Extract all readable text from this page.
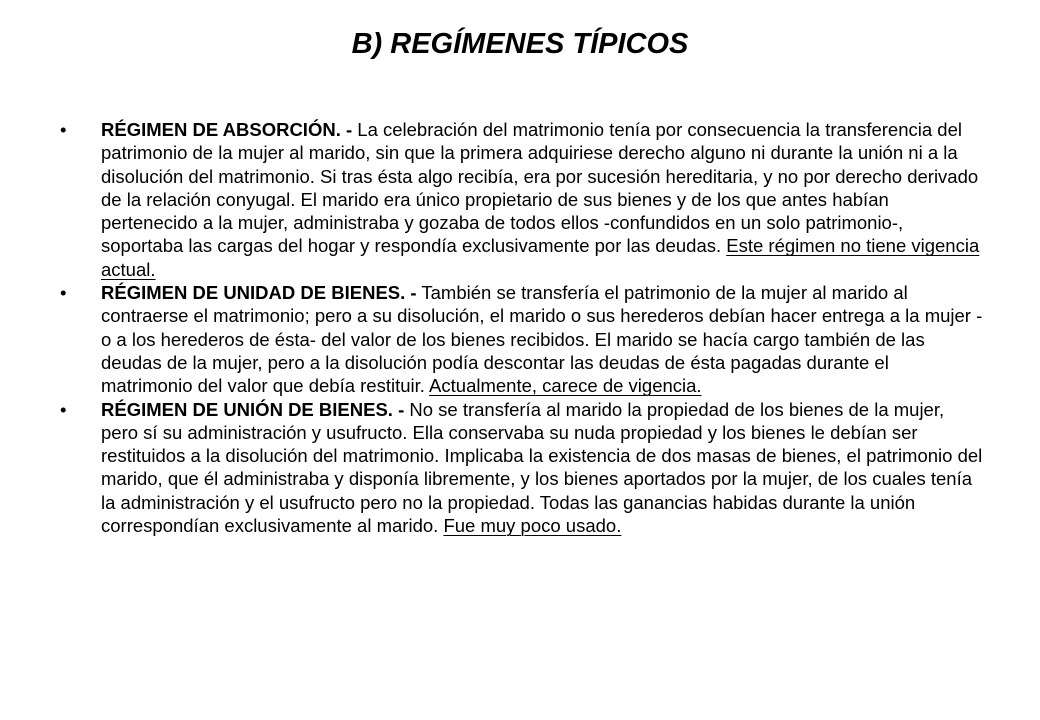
B) REGÍMENES TÍPICOS
•	RÉGIMEN DE ABSORCIÓN. - La celebración del matrimonio tenía por consecuencia la transferencia del patrimonio de la mujer al marido, sin que la primera adquiriese derecho alguno ni durante la unión ni a la disolución del matrimonio. Si tras ésta algo recibía, era por sucesión hereditaria, y no por derecho derivado de la relación conyugal. El marido era único propietario de sus bienes y de los que antes habían pertenecido a la mujer, administraba y gozaba de todos ellos -confundidos en un solo patrimonio-, soportaba las cargas del hogar y respondía exclusivamente por las deudas. Este régimen no tiene vigencia actual.
•	RÉGIMEN DE UNIDAD DE BIENES. - También se transfería el patrimonio de la mujer al marido al contraerse el matrimonio; pero a su disolución, el marido o sus herederos debían hacer entrega a la mujer -o a los herederos de ésta- del valor de los bienes recibidos. El marido se hacía cargo también de las deudas de la mujer, pero a la disolución podía descontar las deudas de ésta pagadas durante el matrimonio del valor que debía restituir. Actualmente, carece de vigencia.
•	RÉGIMEN DE UNIÓN DE BIENES. - No se transfería al marido la propiedad de los bienes de la mujer, pero sí su administración y usufructo. Ella conservaba su nuda propiedad y los bienes le debían ser restituidos a la disolución del matrimonio. Implicaba la existencia de dos masas de bienes, el patrimonio del marido, que él administraba y disponía libremente, y los bienes aportados por la mujer, de los cuales tenía la administración y el usufructo pero no la propiedad. Todas las ganancias habidas durante la unión correspondían exclusivamente al marido. Fue muy poco usado.
